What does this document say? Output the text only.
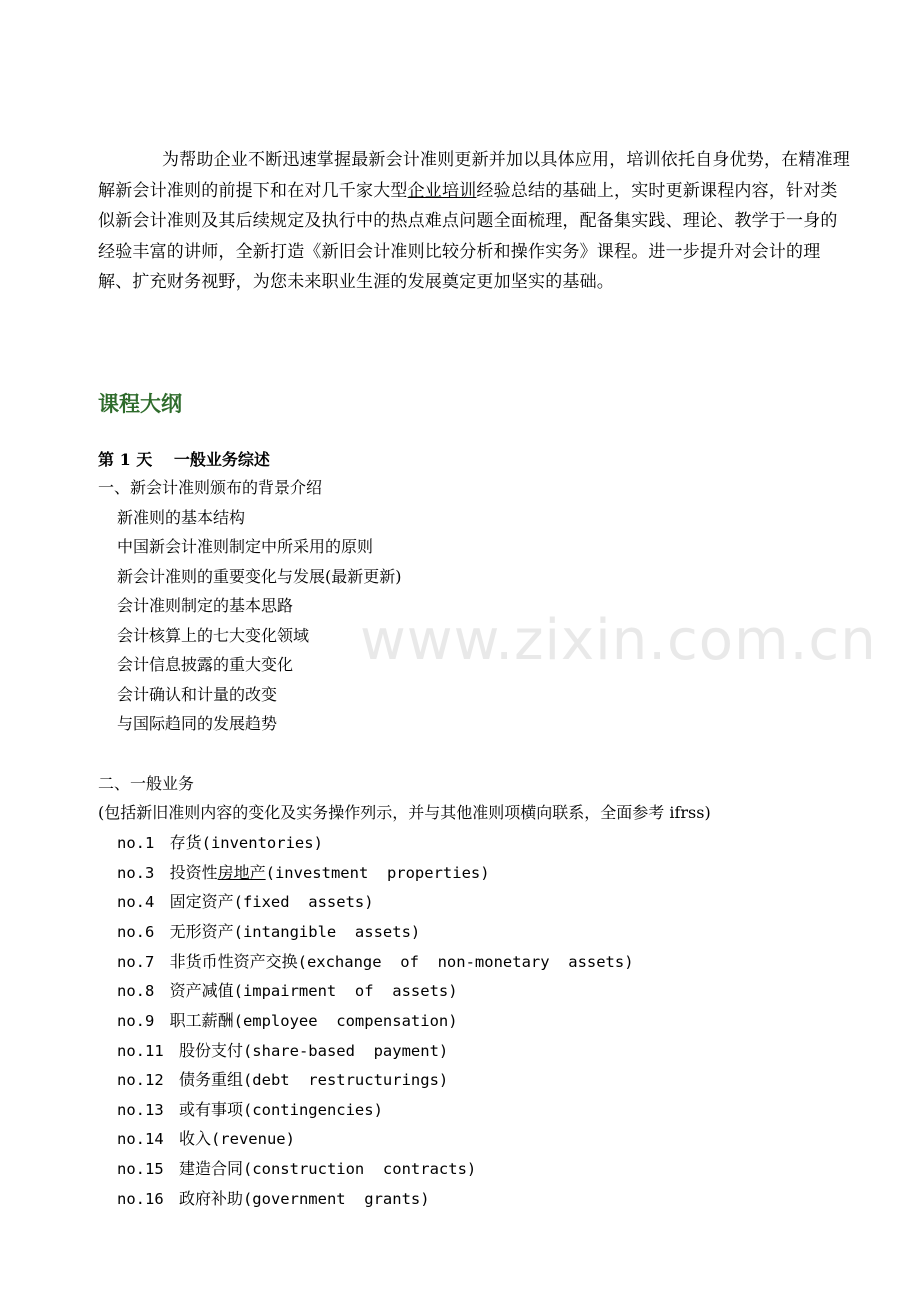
www.zixin.com.cn

为帮助企业不断迅速掌握最新会计准则更新并加以具体应用，培训依托自身优势，在精准理解新会计准则的前提下和在对几千家大型企业培训经验总结的基础上，实时更新课程内容，针对类似新会计准则及其后续规定及执行中的热点难点问题全面梳理，配备集实践、理论、教学于一身的经验丰富的讲师，全新打造《新旧会计准则比较分析和操作实务》课程。进一步提升对会计的理解、扩充财务视野，为您未来职业生涯的发展奠定更加坚实的基础。

课程大纲
第 1 天　 一般业务综述
一、新会计准则颁布的背景介绍
新准则的基本结构
中国新会计准则制定中所采用的原则
新会计准则的重要变化与发展(最新更新)
会计准则制定的基本思路
会计核算上的七大变化领域
会计信息披露的重大变化
会计确认和计量的改变
与国际趋同的发展趋势
二、一般业务
(包括新旧准则内容的变化及实务操作列示，并与其他准则项横向联系，全面参考 ifrss)
no.1 存货(inventories)
no.3 投资性房地产(investment  properties)
no.4 固定资产(fixed  assets)
no.6 无形资产(intangible  assets)
no.7 非货币性资产交换(exchange  of  non-monetary  assets)
no.8 资产减值(impairment  of  assets)
no.9 职工薪酬(employee  compensation)
no.11 股份支付(share-based  payment)
no.12 债务重组(debt  restructurings)
no.13 或有事项(contingencies)
no.14 收入(revenue)
no.15 建造合同(construction  contracts)
no.16 政府补助(government  grants)
